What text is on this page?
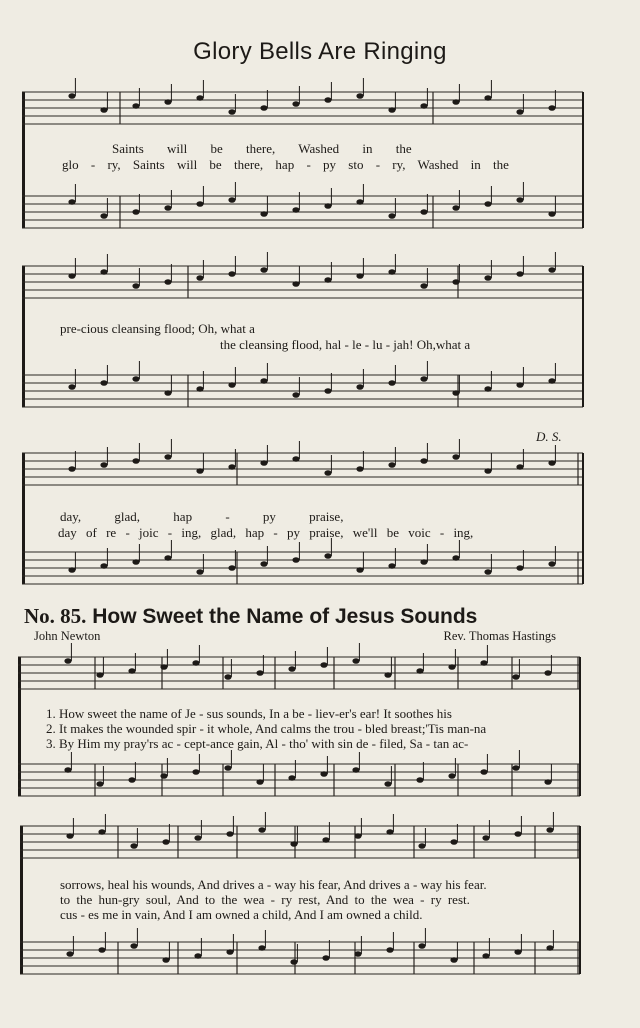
Glory Bells Are Ringing
Saints will be there, Washed in the
glo - ry, Saints will be there, hap - py sto - ry, Washed in the
pre-cious cleansing flood; Oh, what a
the cleansing flood, hal - le - lu - jah! Oh,what a
day, glad, hap - py praise,
day of re - joic - ing, glad, hap - py praise, we'll be voic - ing,
D. S.
No. 85. How Sweet the Name of Jesus Sounds
John Newton	Rev. Thomas Hastings
1. How sweet the name of Je - sus sounds, In a be - liev-er's ear! It soothes his
2. It makes the wounded spir - it whole, And calms the trou - bled breast;'Tis man-na
3. By Him my pray'rs ac - cept-ance gain, Al - tho' with sin de - filed, Sa - tan ac-
sorrows, heal his wounds, And drives a - way his fear, And drives a - way his fear.
to the hun-gry soul, And to the wea - ry rest, And to the wea - ry rest.
cus - es me in vain, And I am owned a child, And I am owned a child.
